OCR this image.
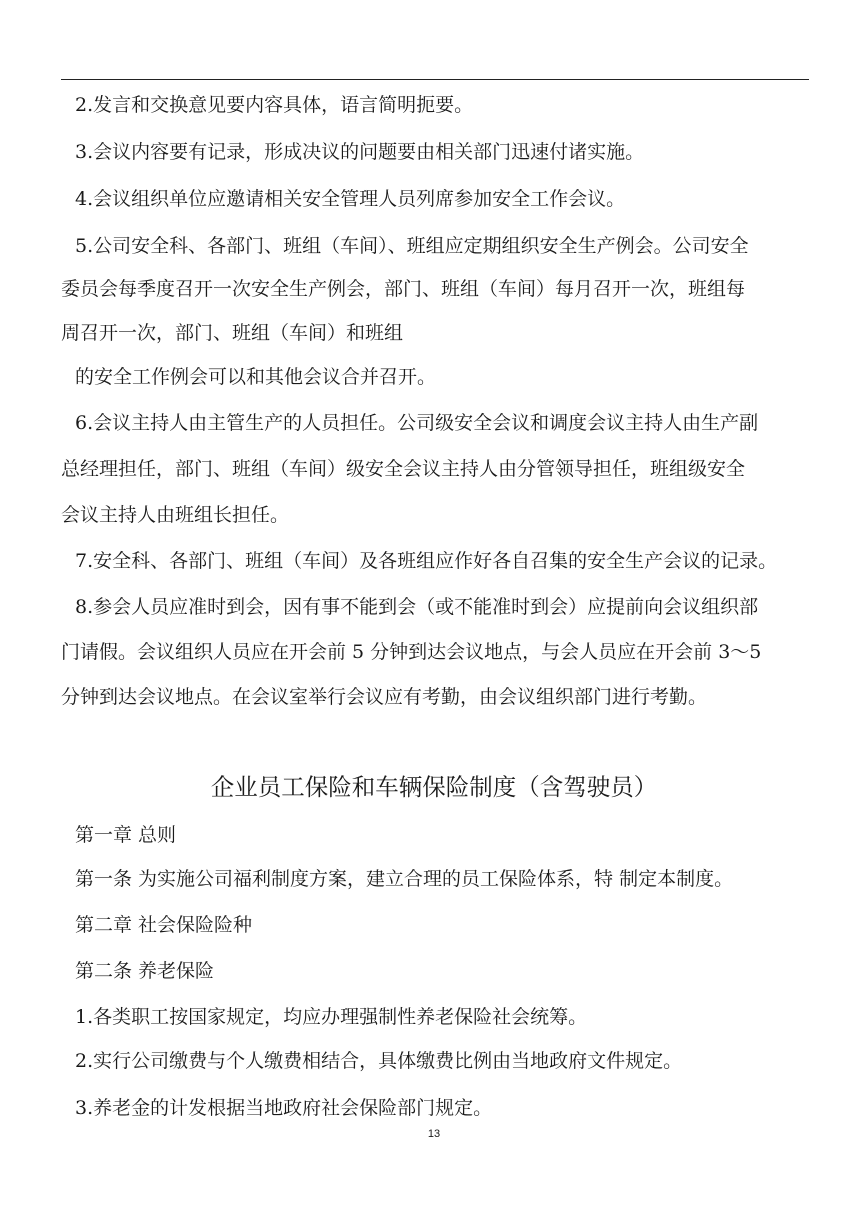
2.发言和交换意见要内容具体，语言简明扼要。
3.会议内容要有记录，形成决议的问题要由相关部门迅速付诸实施。
4.会议组织单位应邀请相关安全管理人员列席参加安全工作会议。
5.公司安全科、各部门、班组（车间）、班组应定期组织安全生产例会。公司安全
委员会每季度召开一次安全生产例会，部门、班组（车间）每月召开一次，班组每
周召开一次，部门、班组（车间）和班组
的安全工作例会可以和其他会议合并召开。
6.会议主持人由主管生产的人员担任。公司级安全会议和调度会议主持人由生产副
总经理担任，部门、班组（车间）级安全会议主持人由分管领导担任，班组级安全
会议主持人由班组长担任。
7.安全科、各部门、班组（车间）及各班组应作好各自召集的安全生产会议的记录。
8.参会人员应准时到会，因有事不能到会（或不能准时到会）应提前向会议组织部
门请假。会议组织人员应在开会前 5 分钟到达会议地点，与会人员应在开会前 3～5
分钟到达会议地点。在会议室举行会议应有考勤，由会议组织部门进行考勤。
企业员工保险和车辆保险制度（含驾驶员）
第一章 总则
第一条 为实施公司福利制度方案，建立合理的员工保险体系，特 制定本制度。
第二章 社会保险险种
第二条 养老保险
1.各类职工按国家规定，均应办理强制性养老保险社会统筹。
2.实行公司缴费与个人缴费相结合，具体缴费比例由当地政府文件规定。
3.养老金的计发根据当地政府社会保险部门规定。
13
